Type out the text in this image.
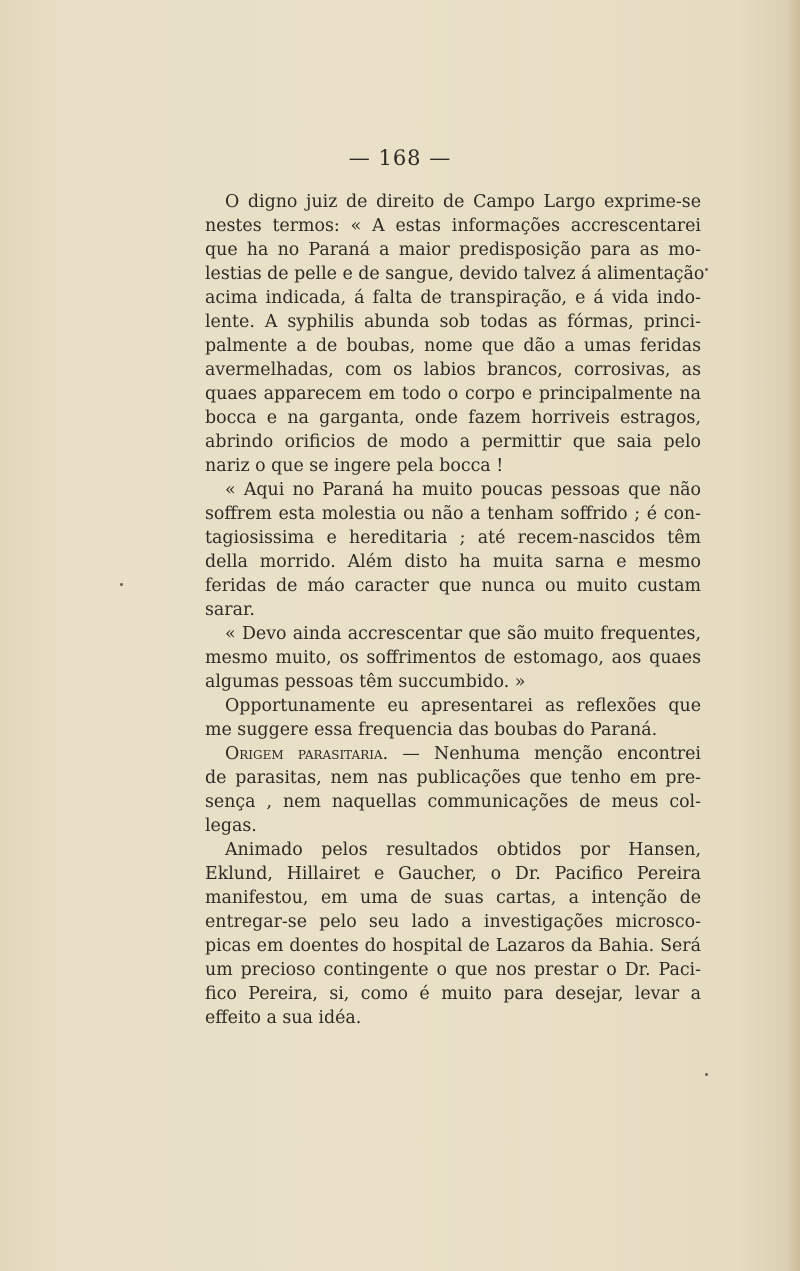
— 168 —
O digno juiz de direito de Campo Largo exprime-se
nestes termos: « A estas informações accrescentarei
que ha no Paraná a maior predisposição para as mo-
lestias de pelle e de sangue, devido talvez á alimentação
acima indicada, á falta de transpiração, e á vida indo-
lente. A syphilis abunda sob todas as fórmas, princi-
palmente a de boubas, nome que dão a umas feridas
avermelhadas, com os labios brancos, corrosivas, as
quaes apparecem em todo o corpo e principalmente na
bocca e na garganta, onde fazem horriveis estragos,
abrindo orificios de modo a permittir que saia pelo
nariz o que se ingere pela bocca !
« Aqui no Paraná ha muito poucas pessoas que não
soffrem esta molestia ou não a tenham soffrido ; é con-
tagiosissima e hereditaria ; até recem-nascidos têm
della morrido. Além disto ha muita sarna e mesmo
feridas de máo caracter que nunca ou muito custam
sarar.
« Devo ainda accrescentar que são muito frequentes,
mesmo muito, os soffrimentos de estomago, aos quaes
algumas pessoas têm succumbido. »
Opportunamente eu apresentarei as reflexões que
me suggere essa frequencia das boubas do Paraná.
Origem parasitaria. — Nenhuma menção encontrei
de parasitas, nem nas publicações que tenho em pre-
sença , nem naquellas communicações de meus col-
legas.
Animado pelos resultados obtidos por Hansen,
Eklund, Hillairet e Gaucher, o Dr. Pacifico Pereira
manifestou, em uma de suas cartas, a intenção de
entregar-se pelo seu lado a investigações microsco-
picas em doentes do hospital de Lazaros da Bahia. Será
um precioso contingente o que nos prestar o Dr. Paci-
fico Pereira, si, como é muito para desejar, levar a
effeito a sua idéa.
